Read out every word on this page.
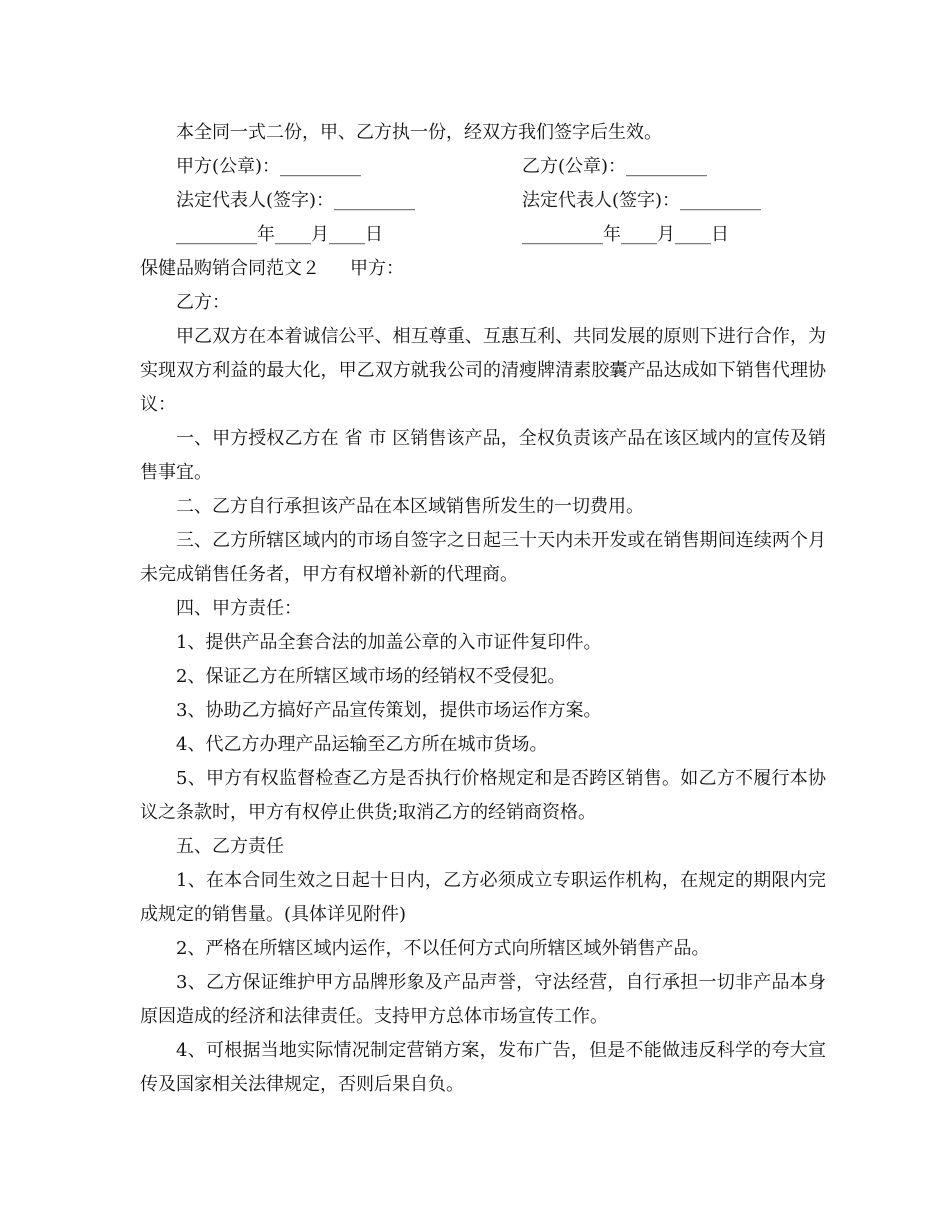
本全同一式二份，甲、乙方执一份，经双方我们签字后生效。

甲方(公章)：_________	乙方(公章)：_________
法定代表人(签字)：_________	法定代表人(签字)：_________
_________年____月____日	_________年____月____日

保健品购销合同范文２ 甲方：

乙方：

甲乙双方在本着诚信公平、相互尊重、互惠互利、共同发展的原则下进行合作，为实现双方利益的最大化，甲乙双方就我公司的清瘦牌清素胶囊产品达成如下销售代理协议：

一、甲方授权乙方在 省 市 区销售该产品，全权负责该产品在该区域内的宣传及销售事宜。

二、乙方自行承担该产品在本区域销售所发生的一切费用。

三、乙方所辖区域内的市场自签字之日起三十天内未开发或在销售期间连续两个月未完成销售任务者，甲方有权增补新的代理商。

四、甲方责任：

1、提供产品全套合法的加盖公章的入市证件复印件。

2、保证乙方在所辖区域市场的经销权不受侵犯。

3、协助乙方搞好产品宣传策划，提供市场运作方案。

4、代乙方办理产品运输至乙方所在城市货场。

5、甲方有权监督检查乙方是否执行价格规定和是否跨区销售。如乙方不履行本协议之条款时，甲方有权停止供货;取消乙方的经销商资格。

五、乙方责任

1、在本合同生效之日起十日内，乙方必须成立专职运作机构，在规定的期限内完成规定的销售量。(具体详见附件)

2、严格在所辖区域内运作，不以任何方式向所辖区域外销售产品。

3、乙方保证维护甲方品牌形象及产品声誉，守法经营，自行承担一切非产品本身原因造成的经济和法律责任。支持甲方总体市场宣传工作。

4、可根据当地实际情况制定营销方案，发布广告，但是不能做违反科学的夸大宣传及国家相关法律规定，否则后果自负。
